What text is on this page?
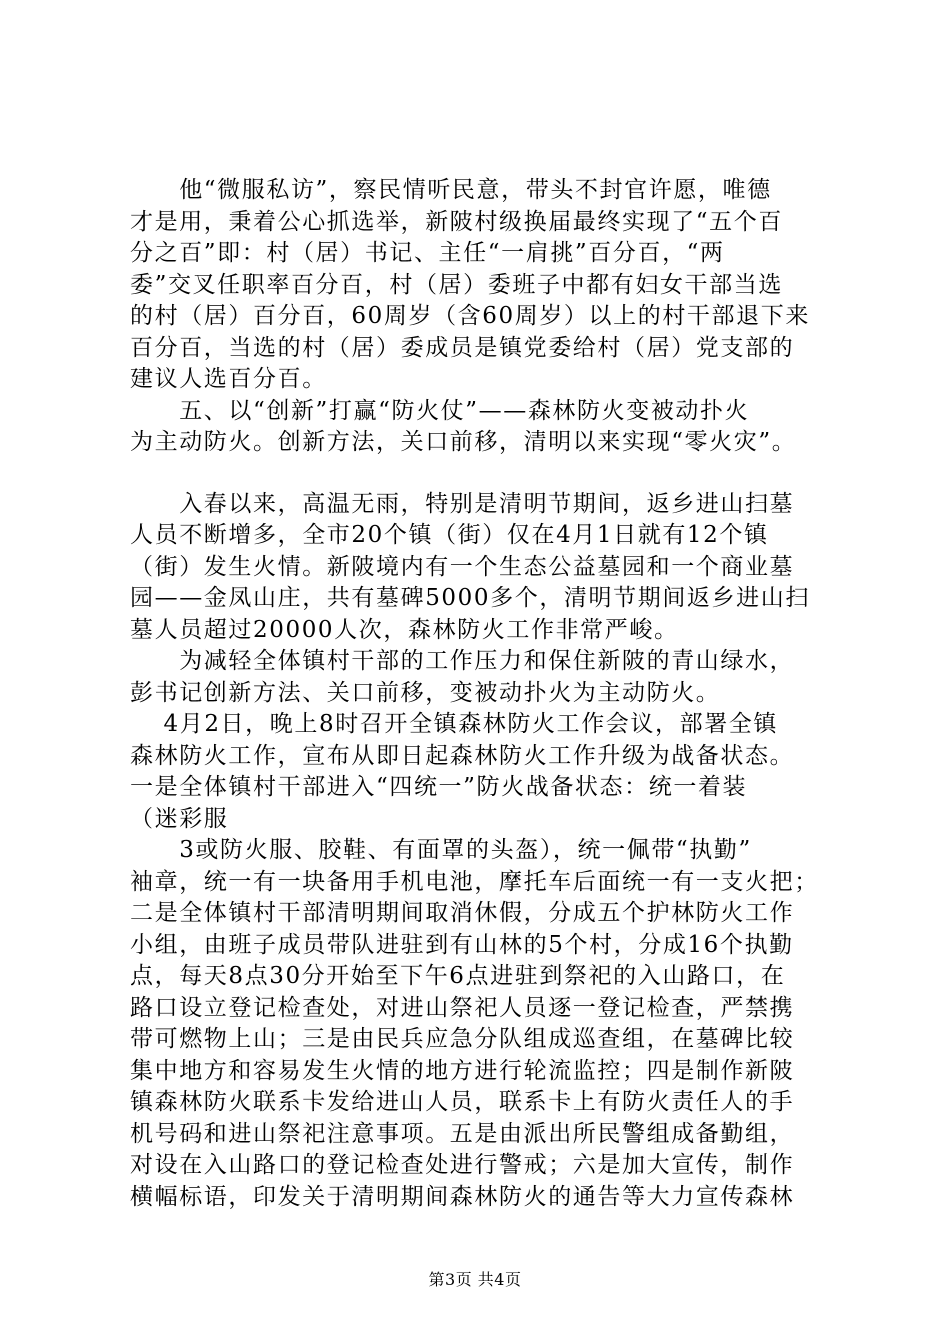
　　他“微服私访”，察民情听民意，带头不封官许愿，唯德
才是用，秉着公心抓选举，新陂村级换届最终实现了“五个百
分之百”即：村（居）书记、主任“一肩挑”百分百，“两
委”交叉任职率百分百，村（居）委班子中都有妇女干部当选
的村（居）百分百，60周岁（含60周岁）以上的村干部退下来
百分百，当选的村（居）委成员是镇党委给村（居）党支部的
建议人选百分百。
　　五、以“创新”打赢“防火仗”——森林防火变被动扑火
为主动防火。创新方法，关口前移，清明以来实现“零火灾”。
　　入春以来，高温无雨，特别是清明节期间，返乡进山扫墓
人员不断增多，全市20个镇（街）仅在4月1日就有12个镇
（街）发生火情。新陂境内有一个生态公益墓园和一个商业墓
园——金凤山庄，共有墓碑5000多个，清明节期间返乡进山扫
墓人员超过20000人次，森林防火工作非常严峻。
　　为减轻全体镇村干部的工作压力和保住新陂的青山绿水，
彭书记创新方法、关口前移，变被动扑火为主动防火。
　 4月2日，晚上8时召开全镇森林防火工作会议，部署全镇
森林防火工作，宣布从即日起森林防火工作升级为战备状态。
一是全体镇村干部进入“四统一”防火战备状态：统一着装
（迷彩服
　　3或防火服、胶鞋、有面罩的头盔），统一佩带“执勤”
袖章，统一有一块备用手机电池，摩托车后面统一有一支火把；
二是全体镇村干部清明期间取消休假，分成五个护林防火工作
小组，由班子成员带队进驻到有山林的5个村，分成16个执勤
点，每天8点30分开始至下午6点进驻到祭祀的入山路口，在
路口设立登记检查处，对进山祭祀人员逐一登记检查，严禁携
带可燃物上山；三是由民兵应急分队组成巡查组，在墓碑比较
集中地方和容易发生火情的地方进行轮流监控；四是制作新陂
镇森林防火联系卡发给进山人员，联系卡上有防火责任人的手
机号码和进山祭祀注意事项。五是由派出所民警组成备勤组，
对设在入山路口的登记检查处进行警戒；六是加大宣传，制作
横幅标语，印发关于清明期间森林防火的通告等大力宣传森林
第3页 共4页
